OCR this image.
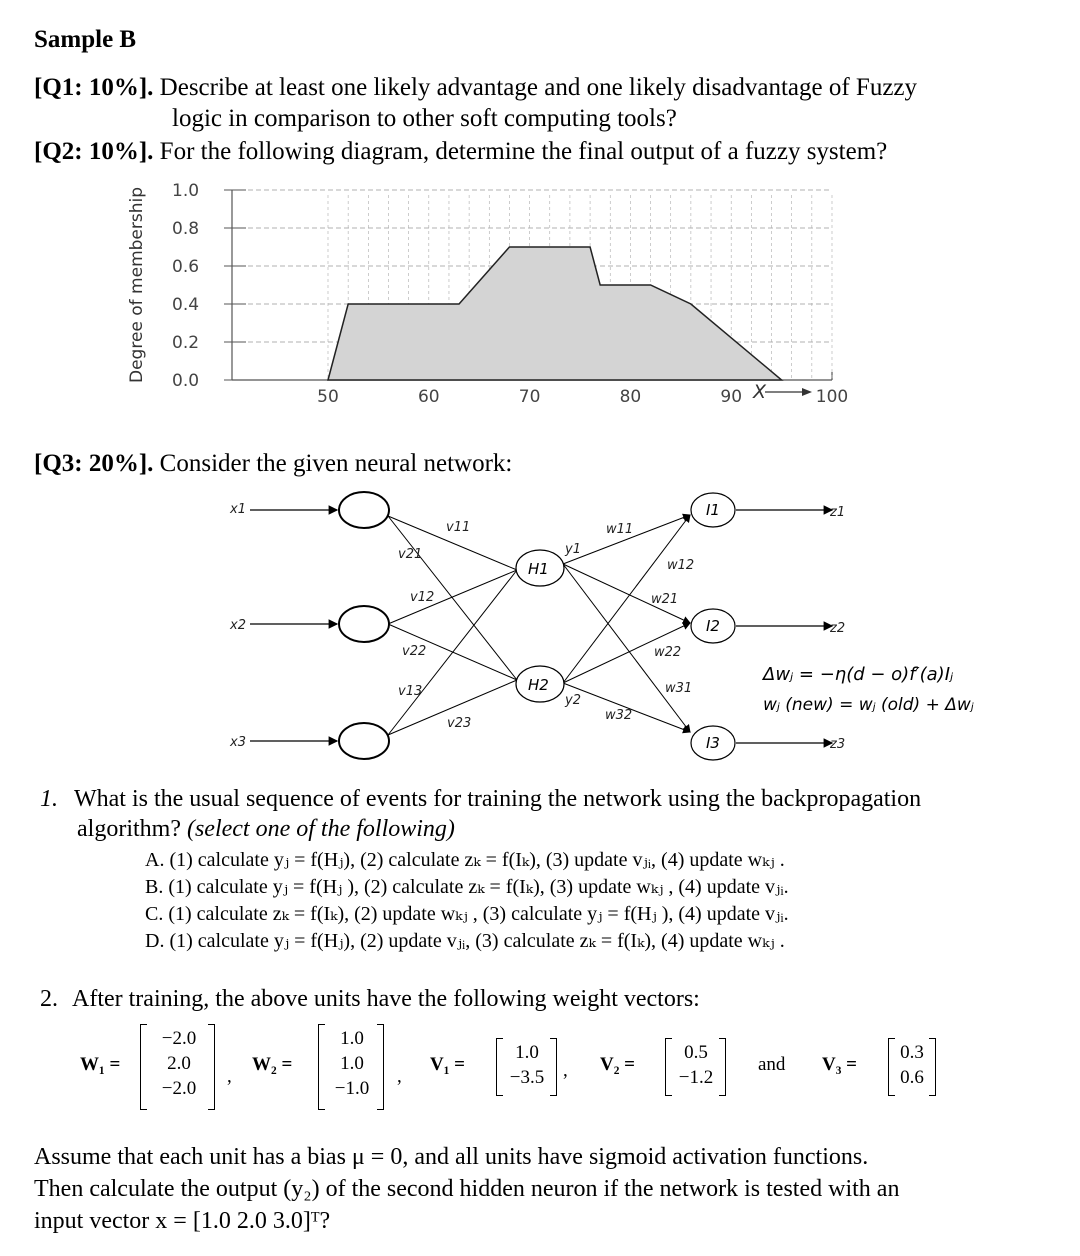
Sample B
[Q1: 10%]. Describe at least one likely advantage and one likely disadvantage of Fuzzy
logic in comparison to other soft computing tools?
[Q2: 10%]. For the following diagram, determine the final output of a fuzzy system?
Degree of membership 0.0
0.2
0.4
0.6
0.8
1.0
50	60	70	80	90	100
X
[Q3: 20%]. Consider the given neural network:
x1
x2
x3
z1
z2
z3
v11
v21
v12
v22
v13
v23
w11
w12
w21
w22
w31
w32
y1
y2
H1
H2
I1
I2
I3
Δwⱼ = −η(d − o)f′(a)Iⱼ
wⱼ (new) = wⱼ (old) + Δwⱼ
1. What is the usual sequence of events for training the network using the backpropagation
algorithm? (select one of the following)
A. (1) calculate yⱼ = f(Hⱼ), (2) calculate zₖ = f(Iₖ), (3) update vⱼᵢ, (4) update wₖⱼ .
B. (1) calculate yⱼ = f(Hⱼ ), (2) calculate zₖ = f(Iₖ), (3) update wₖⱼ , (4) update vⱼᵢ.
C. (1) calculate zₖ = f(Iₖ), (2) update wₖⱼ , (3) calculate yⱼ = f(Hⱼ ), (4) update vⱼᵢ.
D. (1) calculate yⱼ = f(Hⱼ), (2) update vⱼᵢ, (3) calculate zₖ = f(Iₖ), (4) update wₖⱼ .
2. After training, the above units have the following weight vectors:
W₁ =
−2.0
2.0
−2.0
,
W₂ =
1.0
1.0
−1.0
,
V₁ =
1.0
−3.5 , V₂ =
0.5
−1.2
and V₃ =
0.3
0.6
Assume that each unit has a bias μ = 0, and all units have sigmoid activation functions.
Then calculate the output (y₂) of the second hidden neuron if the network is tested with an
input vector x = [1.0 2.0 3.0]ᵀ?
